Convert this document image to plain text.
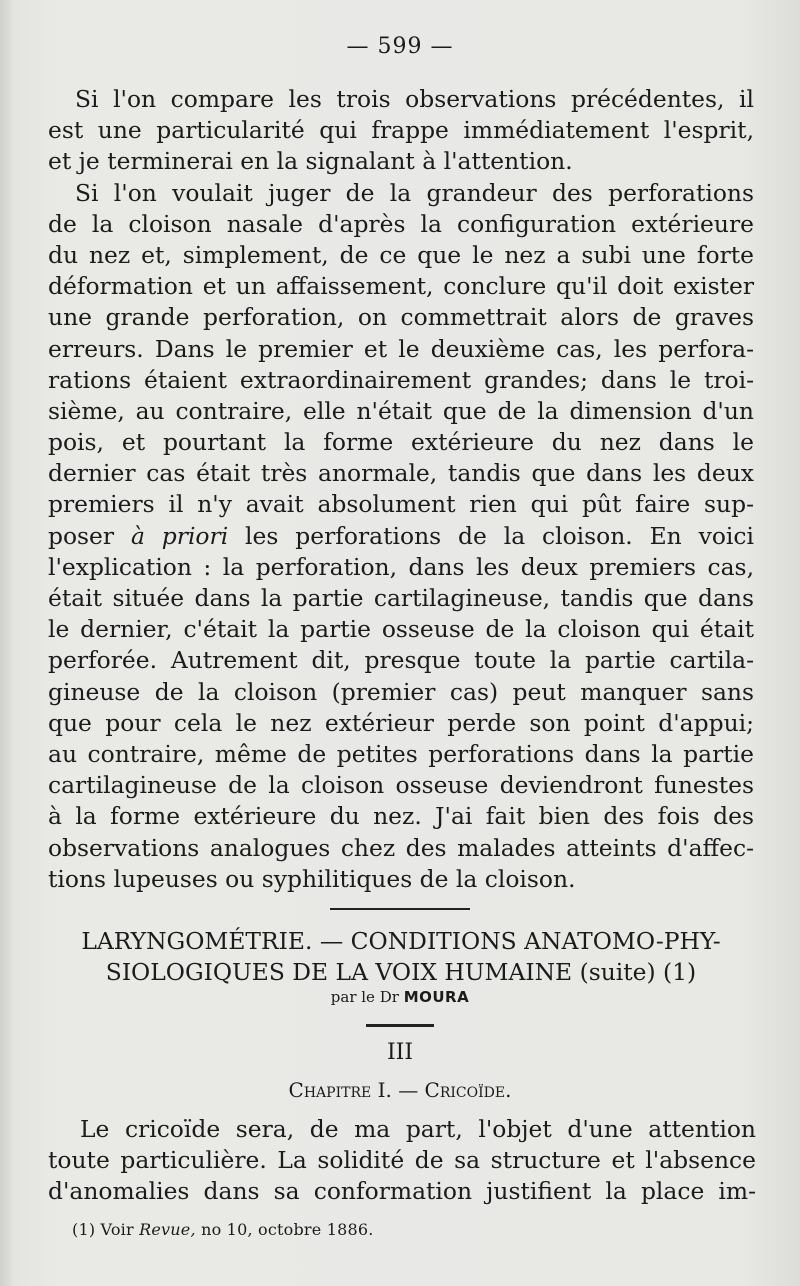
— 599 —
Si l'on compare les trois observations précédentes, il
est une particularité qui frappe immédiatement l'esprit,
et je terminerai en la signalant à l'attention.
Si l'on voulait juger de la grandeur des perforations
de la cloison nasale d'après la configuration extérieure
du nez et, simplement, de ce que le nez a subi une forte
déformation et un affaissement, conclure qu'il doit exister
une grande perforation, on commettrait alors de graves
erreurs. Dans le premier et le deuxième cas, les perfora-
rations étaient extraordinairement grandes; dans le troi-
sième, au contraire, elle n'était que de la dimension d'un
pois, et pourtant la forme extérieure du nez dans le
dernier cas était très anormale, tandis que dans les deux
premiers il n'y avait absolument rien qui pût faire sup-
poser à priori les perforations de la cloison. En voici
l'explication : la perforation, dans les deux premiers cas,
était située dans la partie cartilagineuse, tandis que dans
le dernier, c'était la partie osseuse de la cloison qui était
perforée. Autrement dit, presque toute la partie cartila-
gineuse de la cloison (premier cas) peut manquer sans
que pour cela le nez extérieur perde son point d'appui;
au contraire, même de petites perforations dans la partie
cartilagineuse de la cloison osseuse deviendront funestes
à la forme extérieure du nez. J'ai fait bien des fois des
observations analogues chez des malades atteints d'affec-
tions lupeuses ou syphilitiques de la cloison.
LARYNGOMÉTRIE. — CONDITIONS ANATOMO-PHY-
SIOLOGIQUES DE LA VOIX HUMAINE (suite) (1)
par le Dr MOURA
III
Chapitre I. — Cricoïde.
Le cricoïde sera, de ma part, l'objet d'une attention
toute particulière. La solidité de sa structure et l'absence
d'anomalies dans sa conformation justifient la place im-
(1) Voir Revue, no 10, octobre 1886.
